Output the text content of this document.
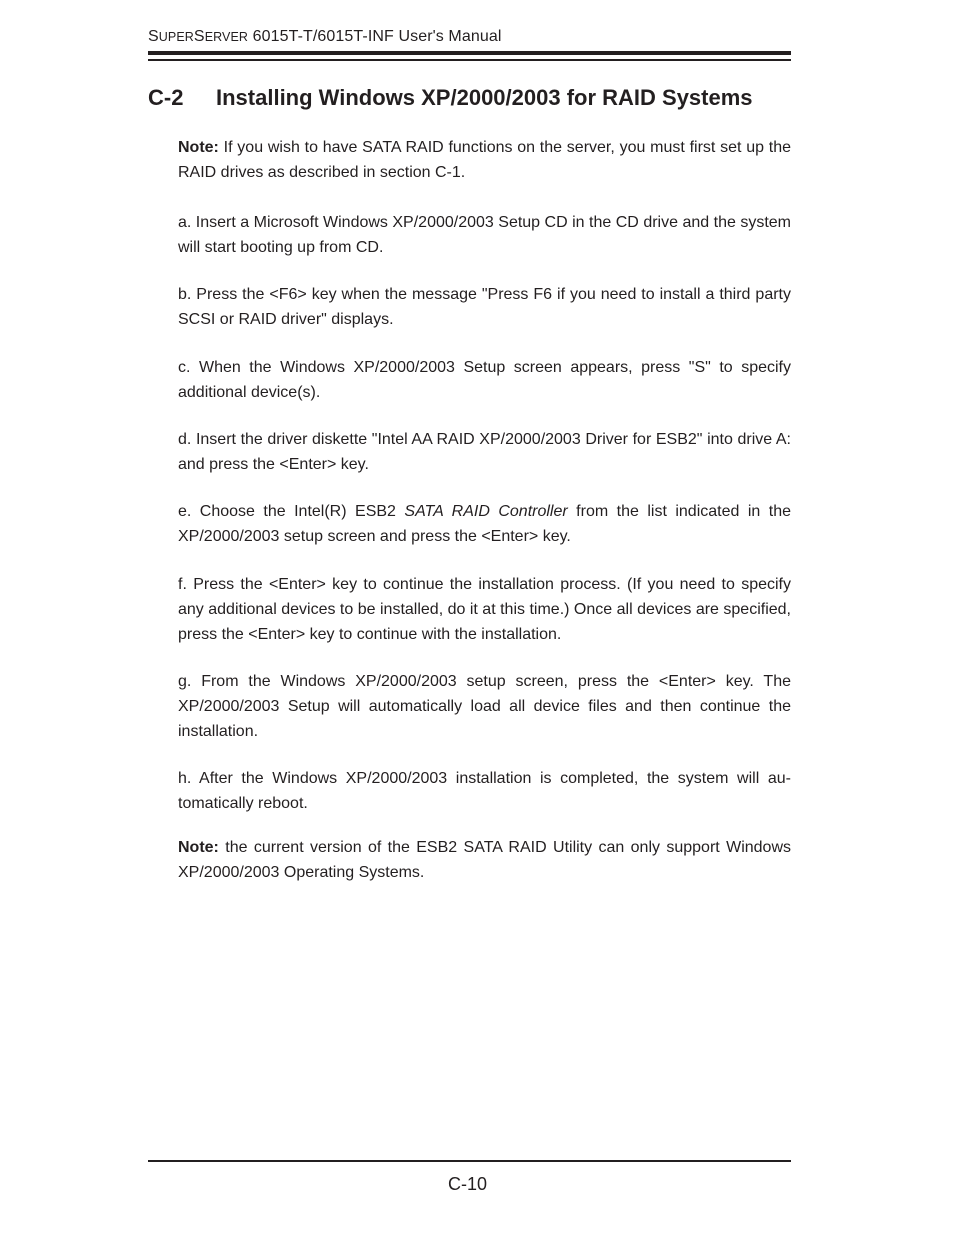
SUPERSERVER 6015T-T/6015T-INF User's Manual
C-2 Installing Windows XP/2000/2003 for RAID Systems

Note: If you wish to have SATA RAID functions on the server, you must first set up the RAID drives as described in section C-1.

a. Insert a Microsoft Windows XP/2000/2003 Setup CD in the CD drive and the system will start booting up from CD.

b. Press the <F6> key when the message "Press F6 if you need to install a third party SCSI or RAID driver" displays.

c. When the Windows XP/2000/2003 Setup screen appears, press "S" to specify additional device(s).

d. Insert the driver diskette "Intel AA RAID XP/2000/2003 Driver for ESB2" into drive A: and press the <Enter> key.

e. Choose the Intel(R) ESB2 SATA RAID Controller from the list indicated in the XP/2000/2003 setup screen and press the <Enter> key.

f. Press the <Enter> key to continue the installation process. (If you need to specify any additional devices to be installed, do it at this time.) Once all devices are specified, press the <Enter> key to continue with the installation.

g. From the Windows XP/2000/2003 setup screen, press the <Enter> key. The XP/2000/2003 Setup will automatically load all device files and then continue the installation.

h. After the Windows XP/2000/2003 installation is completed, the system will automatically reboot.

Note: the current version of the ESB2 SATA RAID Utility can only support Windows XP/2000/2003 Operating Systems.

C-10
